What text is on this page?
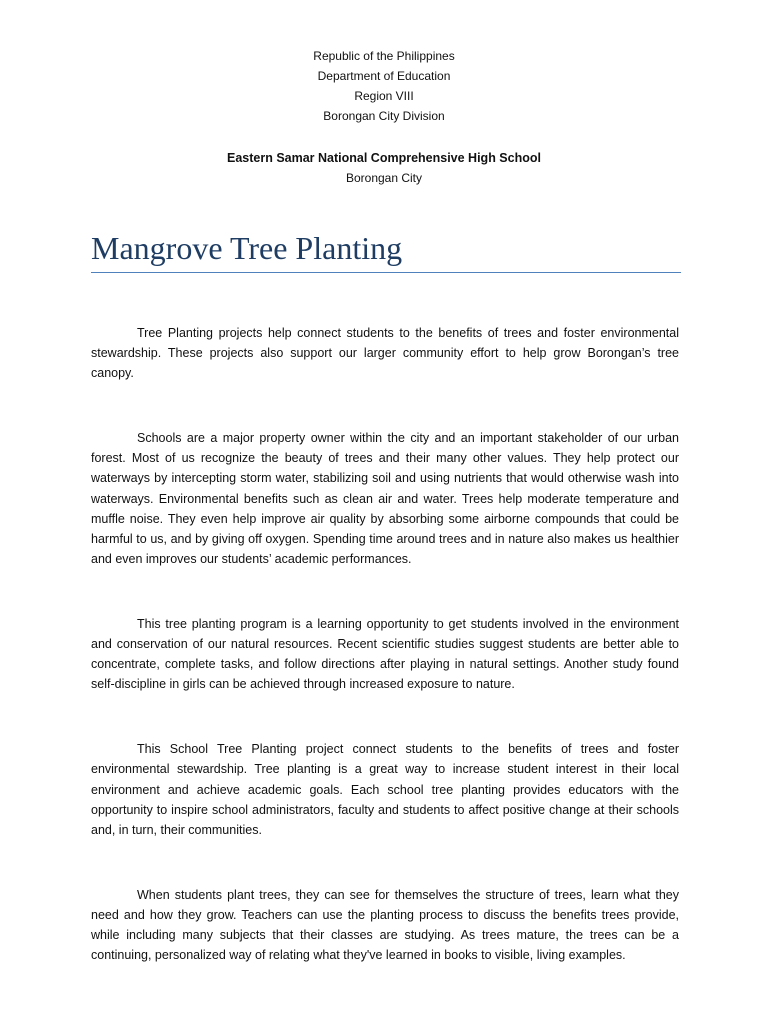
Republic of the Philippines
Department of Education
Region VIII
Borongan City Division
Eastern Samar National Comprehensive High School
Borongan City
Mangrove Tree Planting

Tree Planting projects help connect students to the benefits of trees and foster environmental stewardship. These projects also support our larger community effort to help grow Borongan’s tree canopy.

Schools are a major property owner within the city and an important stakeholder of our urban forest. Most of us recognize the beauty of trees and their many other values. They help protect our waterways by intercepting storm water, stabilizing soil and using nutrients that would otherwise wash into waterways. Environmental benefits such as clean air and water. Trees help moderate temperature and muffle noise. They even help improve air quality by absorbing some airborne compounds that could be harmful to us, and by giving off oxygen. Spending time around trees and in nature also makes us healthier and even improves our students’ academic performances.

This tree planting program is a learning opportunity to get students involved in the environment and conservation of our natural resources. Recent scientific studies suggest students are better able to concentrate, complete tasks, and follow directions after playing in natural settings. Another study found self-discipline in girls can be achieved through increased exposure to nature.

This School Tree Planting project connect students to the benefits of trees and foster environmental stewardship. Tree planting is a great way to increase student interest in their local environment and achieve academic goals. Each school tree planting provides educators with the opportunity to inspire school administrators, faculty and students to affect positive change at their schools and, in turn, their communities.

When students plant trees, they can see for themselves the structure of trees, learn what they need and how they grow. Teachers can use the planting process to discuss the benefits trees provide, while including many subjects that their classes are studying. As trees mature, the trees can be a continuing, personalized way of relating what they've learned in books to visible, living examples.
